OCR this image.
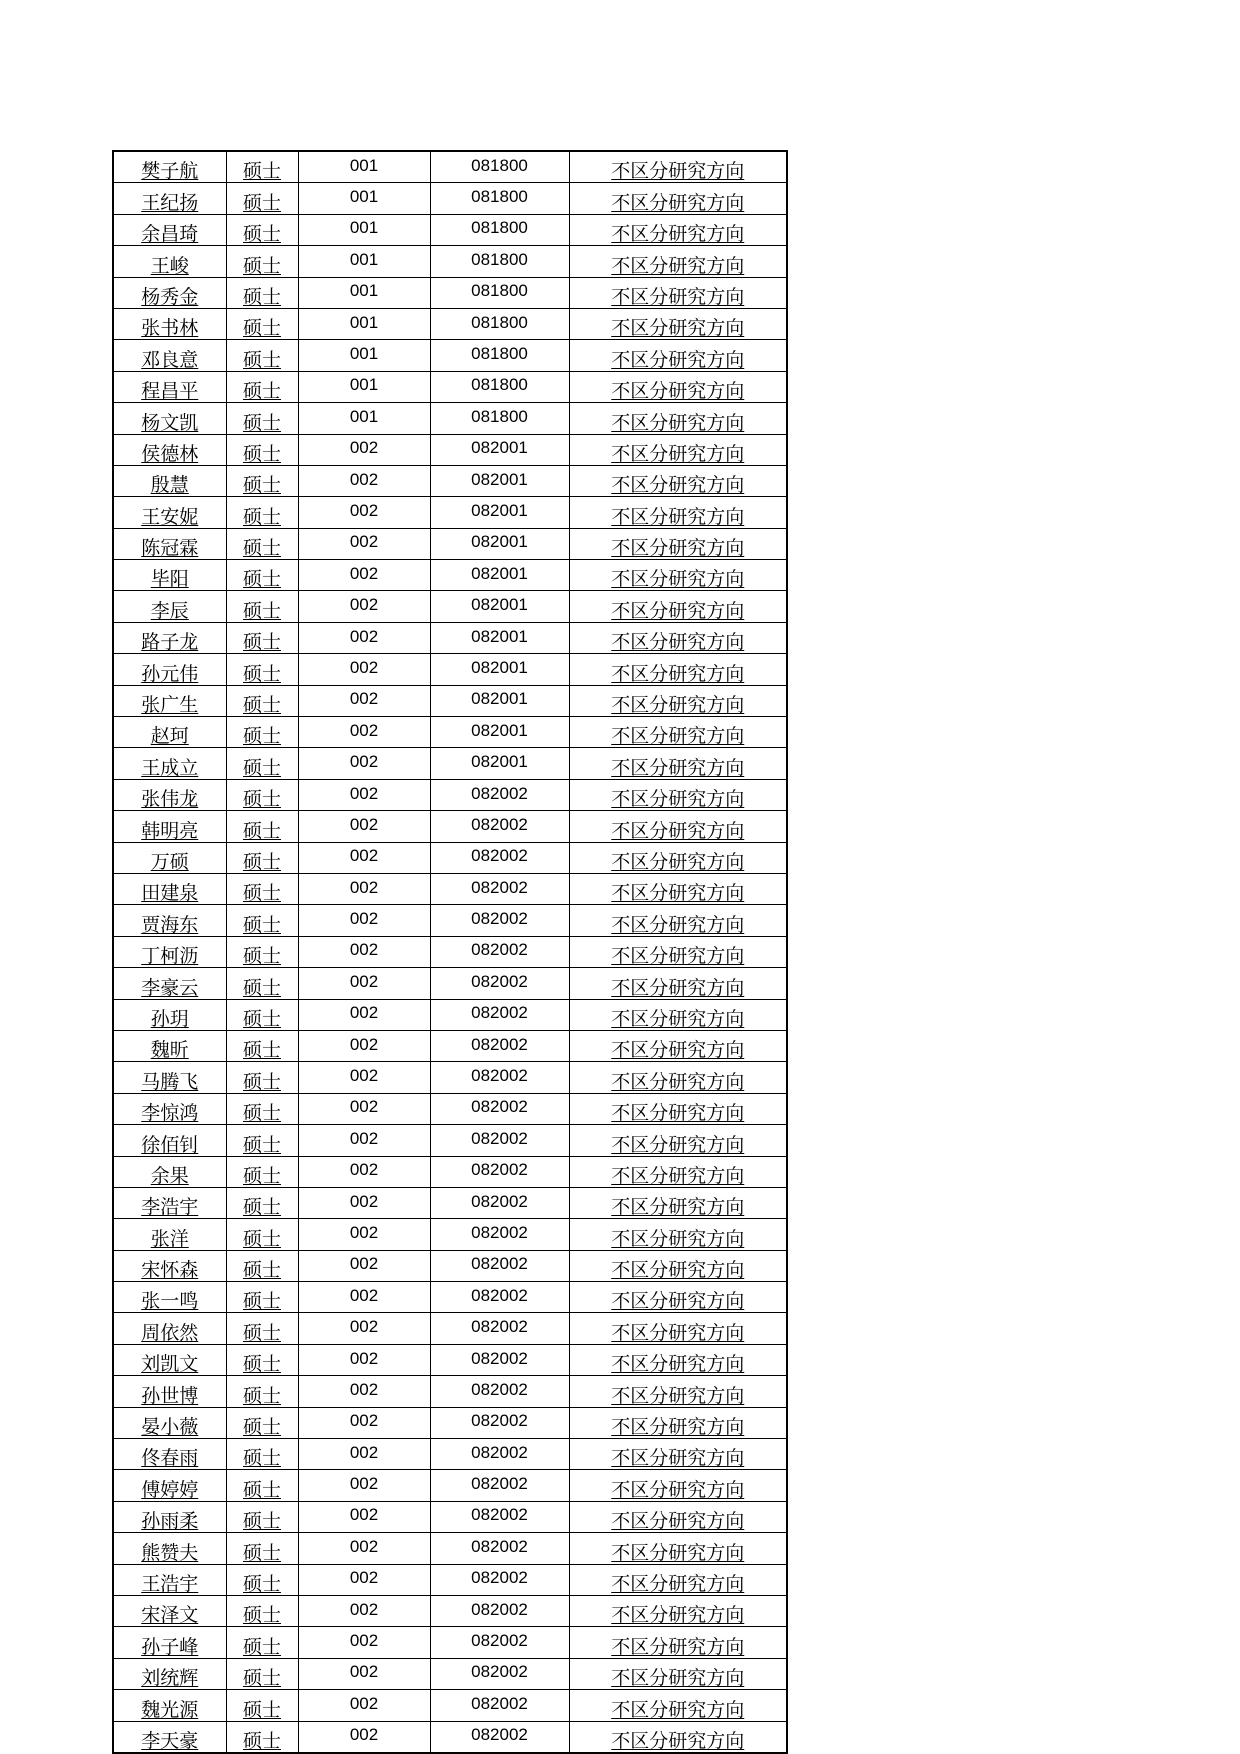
樊子航	硕士	001	081800	不区分研究方向
王纪扬	硕士	001	081800	不区分研究方向
余昌琦	硕士	001	081800	不区分研究方向
王峻	硕士	001	081800	不区分研究方向
杨秀金	硕士	001	081800	不区分研究方向
张书林	硕士	001	081800	不区分研究方向
邓良意	硕士	001	081800	不区分研究方向
程昌平	硕士	001	081800	不区分研究方向
杨文凯	硕士	001	081800	不区分研究方向
侯德林	硕士	002	082001	不区分研究方向
殷慧	硕士	002	082001	不区分研究方向
王安妮	硕士	002	082001	不区分研究方向
陈冠霖	硕士	002	082001	不区分研究方向
毕阳	硕士	002	082001	不区分研究方向
李辰	硕士	002	082001	不区分研究方向
路子龙	硕士	002	082001	不区分研究方向
孙元伟	硕士	002	082001	不区分研究方向
张广生	硕士	002	082001	不区分研究方向
赵珂	硕士	002	082001	不区分研究方向
王成立	硕士	002	082001	不区分研究方向
张伟龙	硕士	002	082002	不区分研究方向
韩明亮	硕士	002	082002	不区分研究方向
万硕	硕士	002	082002	不区分研究方向
田建泉	硕士	002	082002	不区分研究方向
贾海东	硕士	002	082002	不区分研究方向
丁柯沥	硕士	002	082002	不区分研究方向
李豪云	硕士	002	082002	不区分研究方向
孙玥	硕士	002	082002	不区分研究方向
魏昕	硕士	002	082002	不区分研究方向
马腾飞	硕士	002	082002	不区分研究方向
李惊鸿	硕士	002	082002	不区分研究方向
徐佰钊	硕士	002	082002	不区分研究方向
余果	硕士	002	082002	不区分研究方向
李浩宇	硕士	002	082002	不区分研究方向
张洋	硕士	002	082002	不区分研究方向
宋怀森	硕士	002	082002	不区分研究方向
张一鸣	硕士	002	082002	不区分研究方向
周依然	硕士	002	082002	不区分研究方向
刘凯文	硕士	002	082002	不区分研究方向
孙世博	硕士	002	082002	不区分研究方向
晏小薇	硕士	002	082002	不区分研究方向
佟春雨	硕士	002	082002	不区分研究方向
傅婷婷	硕士	002	082002	不区分研究方向
孙雨柔	硕士	002	082002	不区分研究方向
熊赞夫	硕士	002	082002	不区分研究方向
王浩宇	硕士	002	082002	不区分研究方向
宋泽文	硕士	002	082002	不区分研究方向
孙子峰	硕士	002	082002	不区分研究方向
刘统辉	硕士	002	082002	不区分研究方向
魏光源	硕士	002	082002	不区分研究方向
李天豪	硕士	002	082002	不区分研究方向
